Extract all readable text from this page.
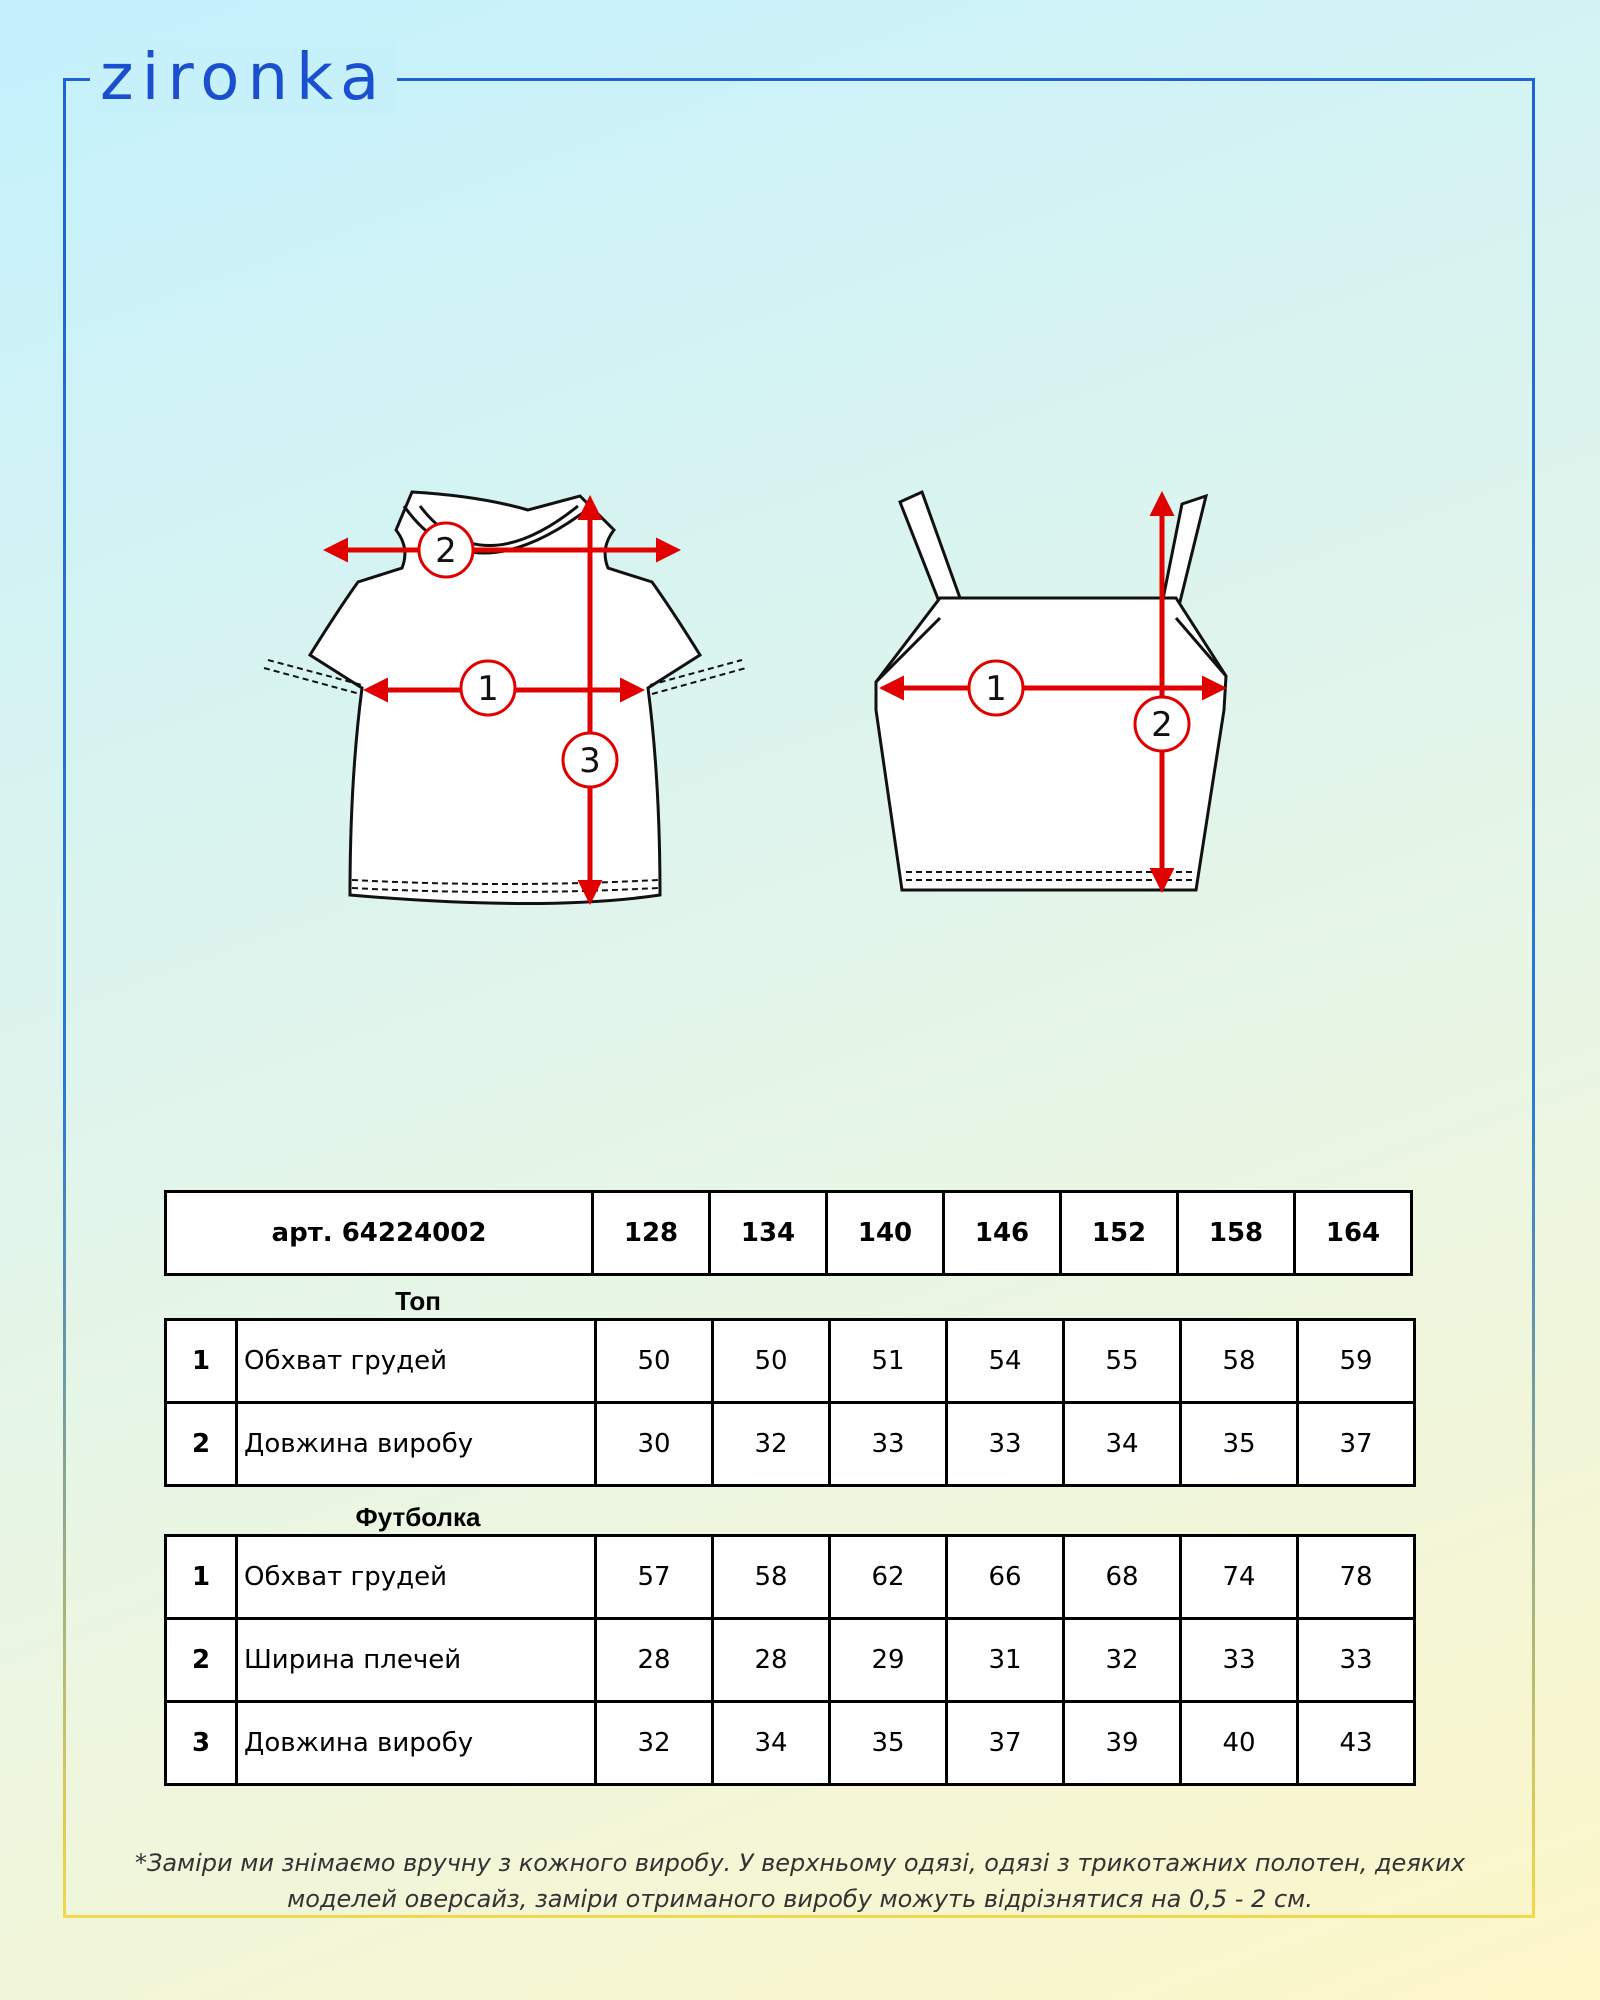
zironka
2
1
3
1
2
арт. 64224002	128	134	140	146	152	158	164
Топ
1	Обхват грудей	50	50	51	54	55	58	59
2	Довжина виробу	30	32	33	33	34	35	37
Футболка
1	Обхват грудей	57	58	62	66	68	74	78
2	Ширина плечей	28	28	29	31	32	33	33
3	Довжина виробу	32	34	35	37	39	40	43
*Заміри ми знімаємо вручну з кожного виробу. У верхньому одязі, одязі з трикотажних полотен, деяких моделей оверсайз, заміри отриманого виробу можуть відрізнятися на 0,5 - 2 см.
